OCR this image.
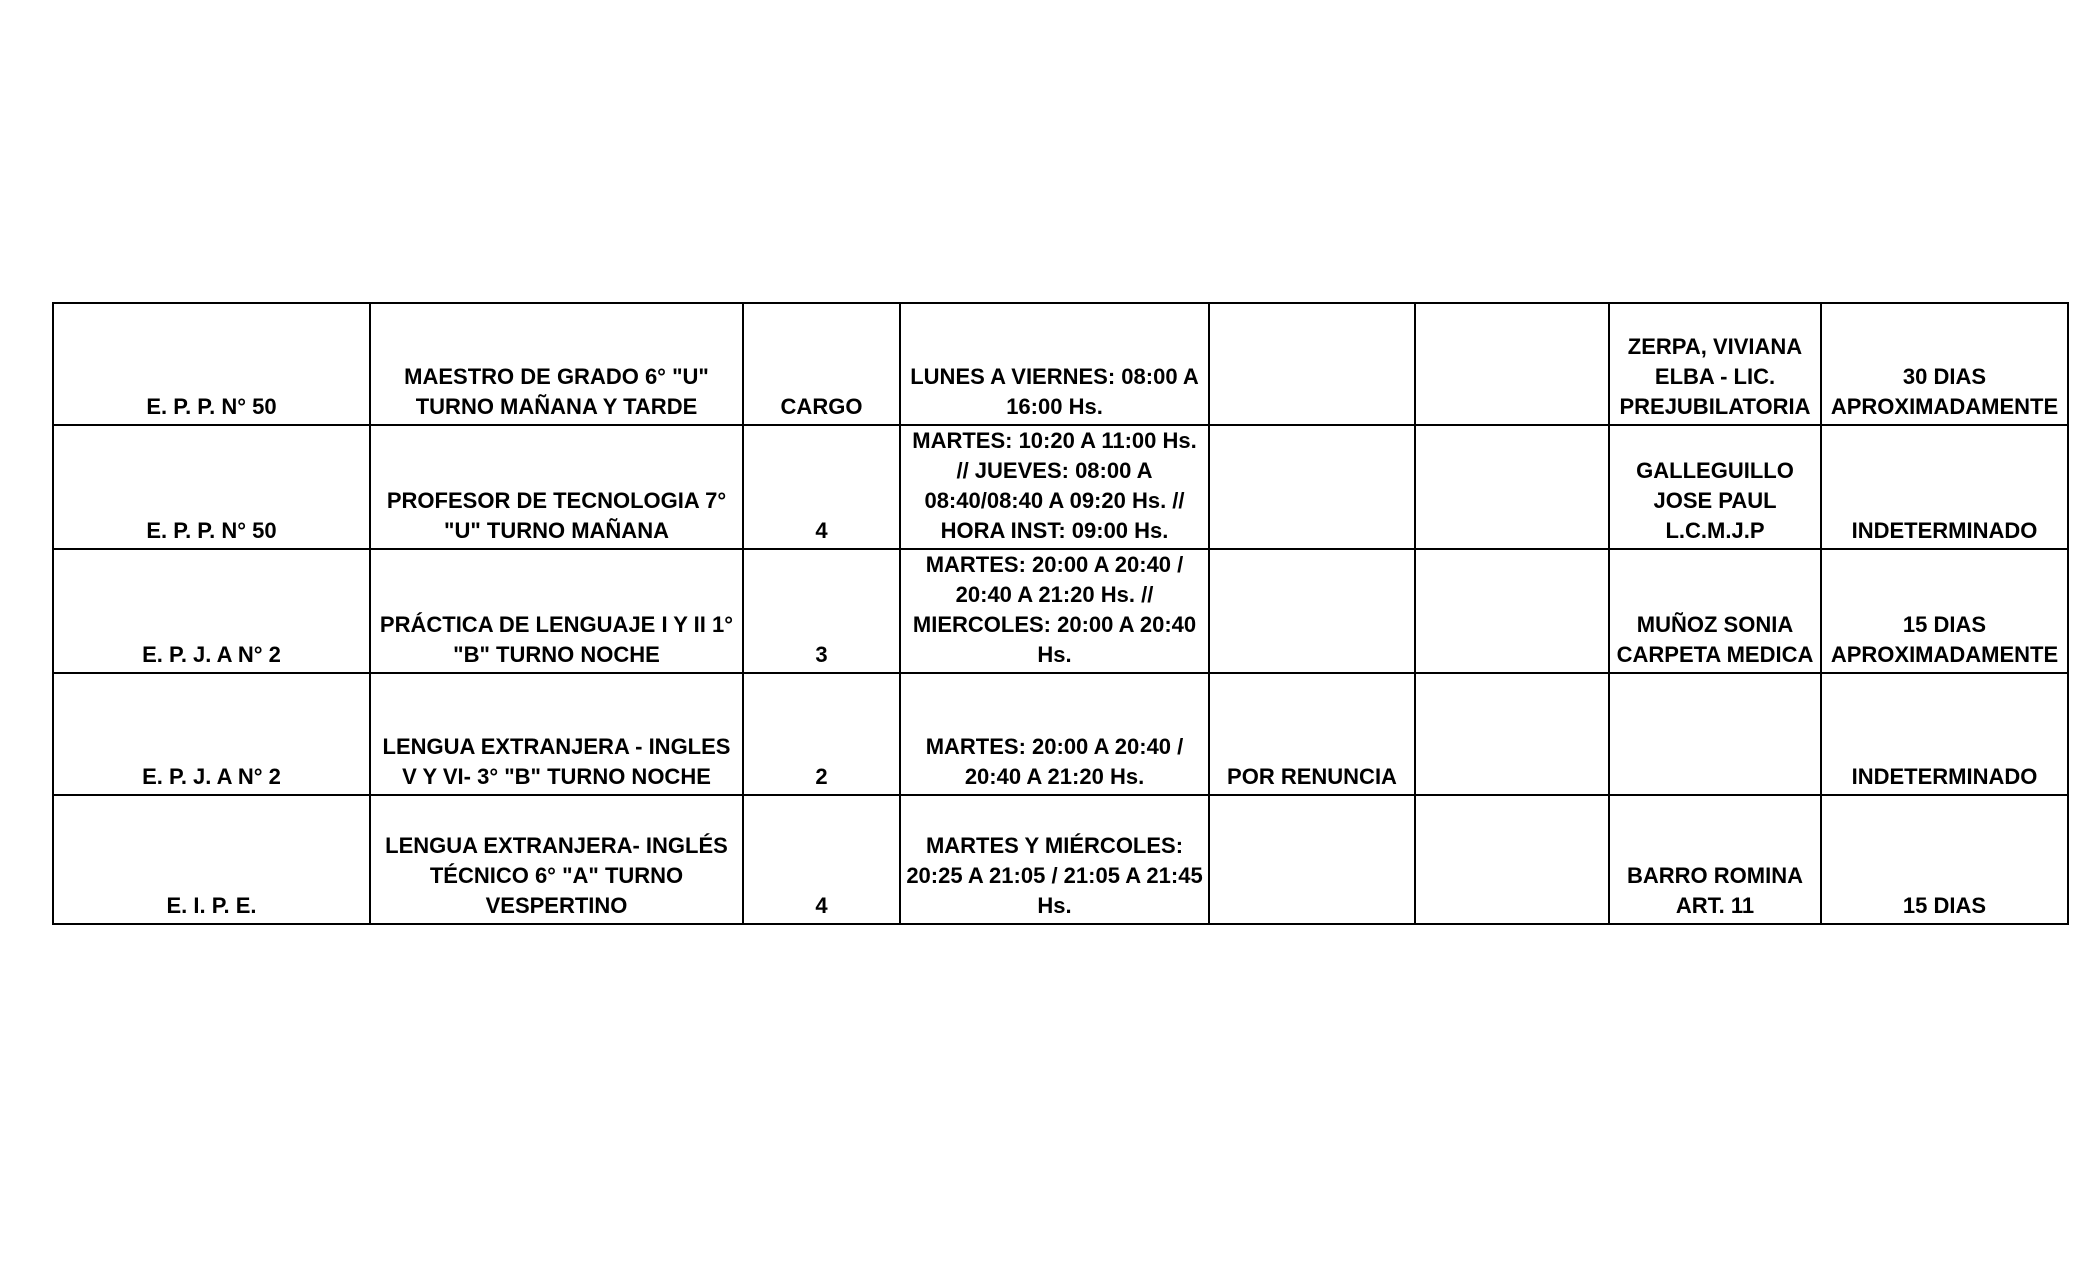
E. P. P. N° 50	MAESTRO DE GRADO 6° "U" TURNO MAÑANA Y TARDE	CARGO	LUNES A VIERNES: 08:00 A 16:00 Hs.			ZERPA, VIVIANA ELBA - LIC. PREJUBILATORIA	30 DIAS APROXIMADAMENTE
E. P. P. N° 50	PROFESOR DE TECNOLOGIA 7° "U" TURNO MAÑANA	4	MARTES: 10:20 A 11:00 Hs. // JUEVES: 08:00 A 08:40/08:40 A 09:20 Hs. // HORA INST: 09:00 Hs.			GALLEGUILLO JOSE PAUL L.C.M.J.P	INDETERMINADO
E. P. J. A N° 2	PRÁCTICA DE LENGUAJE I Y II 1° "B" TURNO NOCHE	3	MARTES: 20:00 A 20:40 / 20:40 A 21:20 Hs. // MIERCOLES: 20:00 A 20:40 Hs.			MUÑOZ SONIA CARPETA MEDICA	15 DIAS APROXIMADAMENTE
E. P. J. A N° 2	LENGUA EXTRANJERA - INGLES V Y VI- 3° "B" TURNO NOCHE	2	MARTES: 20:00 A 20:40 / 20:40 A 21:20 Hs.	POR RENUNCIA			INDETERMINADO
E. I. P. E.	LENGUA EXTRANJERA- INGLÉS TÉCNICO 6° "A" TURNO VESPERTINO	4	MARTES Y MIÉRCOLES: 20:25 A 21:05 / 21:05 A 21:45 Hs.			BARRO ROMINA ART. 11	15 DIAS
